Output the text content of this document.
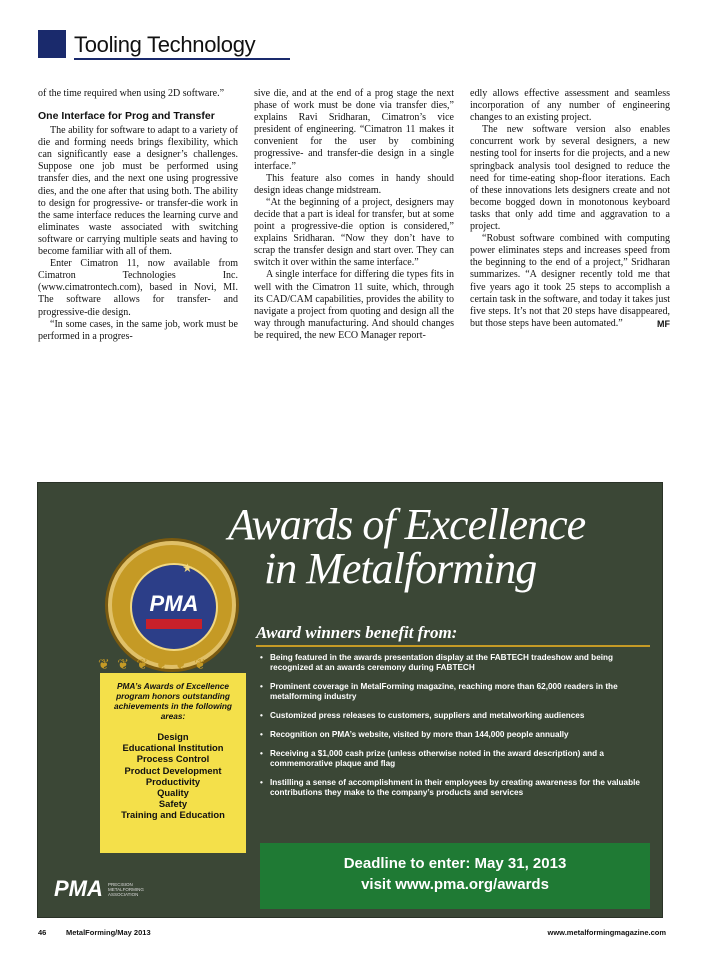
Tooling Technology

of the time required when using 2D software.”

One Interface for Prog and Transfer

The ability for software to adapt to a variety of die and forming needs brings flexibility, which can significantly ease a designer’s challenges. Suppose one job must be performed using transfer dies, and the next one using progressive dies, and the one after that using both. The ability to design for progressive- or transfer-die work in the same interface reduces the learning curve and eliminates waste associated with switching software or carrying multiple seats and having to become familiar with all of them.

Enter Cimatron 11, now available from Cimatron Technologies Inc. (www.cimatrontech.com), based in Novi, MI. The software allows for transfer- and progressive-die design.

“In some cases, in the same job, work must be performed in a progres-

sive die, and at the end of a prog stage the next phase of work must be done via transfer dies,” explains Ravi Sridharan, Cimatron’s vice president of engineering. “Cimatron 11 makes it convenient for the user by combining progressive- and transfer-die design in a single interface.”

This feature also comes in handy should design ideas change midstream.

“At the beginning of a project, designers may decide that a part is ideal for transfer, but at some point a progressive-die option is considered,” explains Sridharan. “Now they don’t have to scrap the transfer design and start over. They can switch it over within the same interface.”

A single interface for differing die types fits in well with the Cimatron 11 suite, which, through its CAD/CAM capabilities, provides the ability to navigate a project from quoting and design all the way through manufacturing. And should changes be required, the new ECO Manager report-

edly allows effective assessment and seamless incorporation of any number of engineering changes to an existing project.

The new software version also enables concurrent work by several designers, a new nesting tool for inserts for die projects, and a new springback analysis tool designed to reduce the need for time-eating shop-floor iterations. Each of these innovations lets designers create and not become bogged down in monotonous keyboard tasks that only add time and aggravation to a project.

“Robust software combined with computing power eliminates steps and increases speed from the beginning to the end of a project,” Sridharan summarizes. “A designer recently told me that five years ago it took 25 steps to accomplish a certain task in the software, and today it takes just five steps. It’s not that 20 steps have disappeared, but those steps have been automated.”	MF

Awards of Excellence
in Metalforming
★
PMA
❦ ❦ ❦ ❦ ❦ ❦
Award winners benefit from:
• Being featured in the awards presentation display at the FABTECH tradeshow and being recognized at an awards ceremony during FABTECH
• Prominent coverage in MetalForming magazine, reaching more than 62,000 readers in the metalforming industry
• Customized press releases to customers, suppliers and metalworking audiences
• Recognition on PMA’s website, visited by more than 144,000 people annually
• Receiving a $1,000 cash prize (unless otherwise noted in the award description) and a commemorative plaque and flag
• Instilling a sense of accomplishment in their employees by creating awareness for the valuable contributions they make to the company’s products and services
PMA’s Awards of Excellence program honors outstanding achievements in the following areas:
Design
Educational Institution
Process Control
Product Development
Productivity
Quality
Safety
Training and Education
PMA PRECISION METALFORMING ASSOCIATION
Deadline to enter: May 31, 2013
visit www.pma.org/awards
46	MetalForming/May 2013	www.metalformingmagazine.com
